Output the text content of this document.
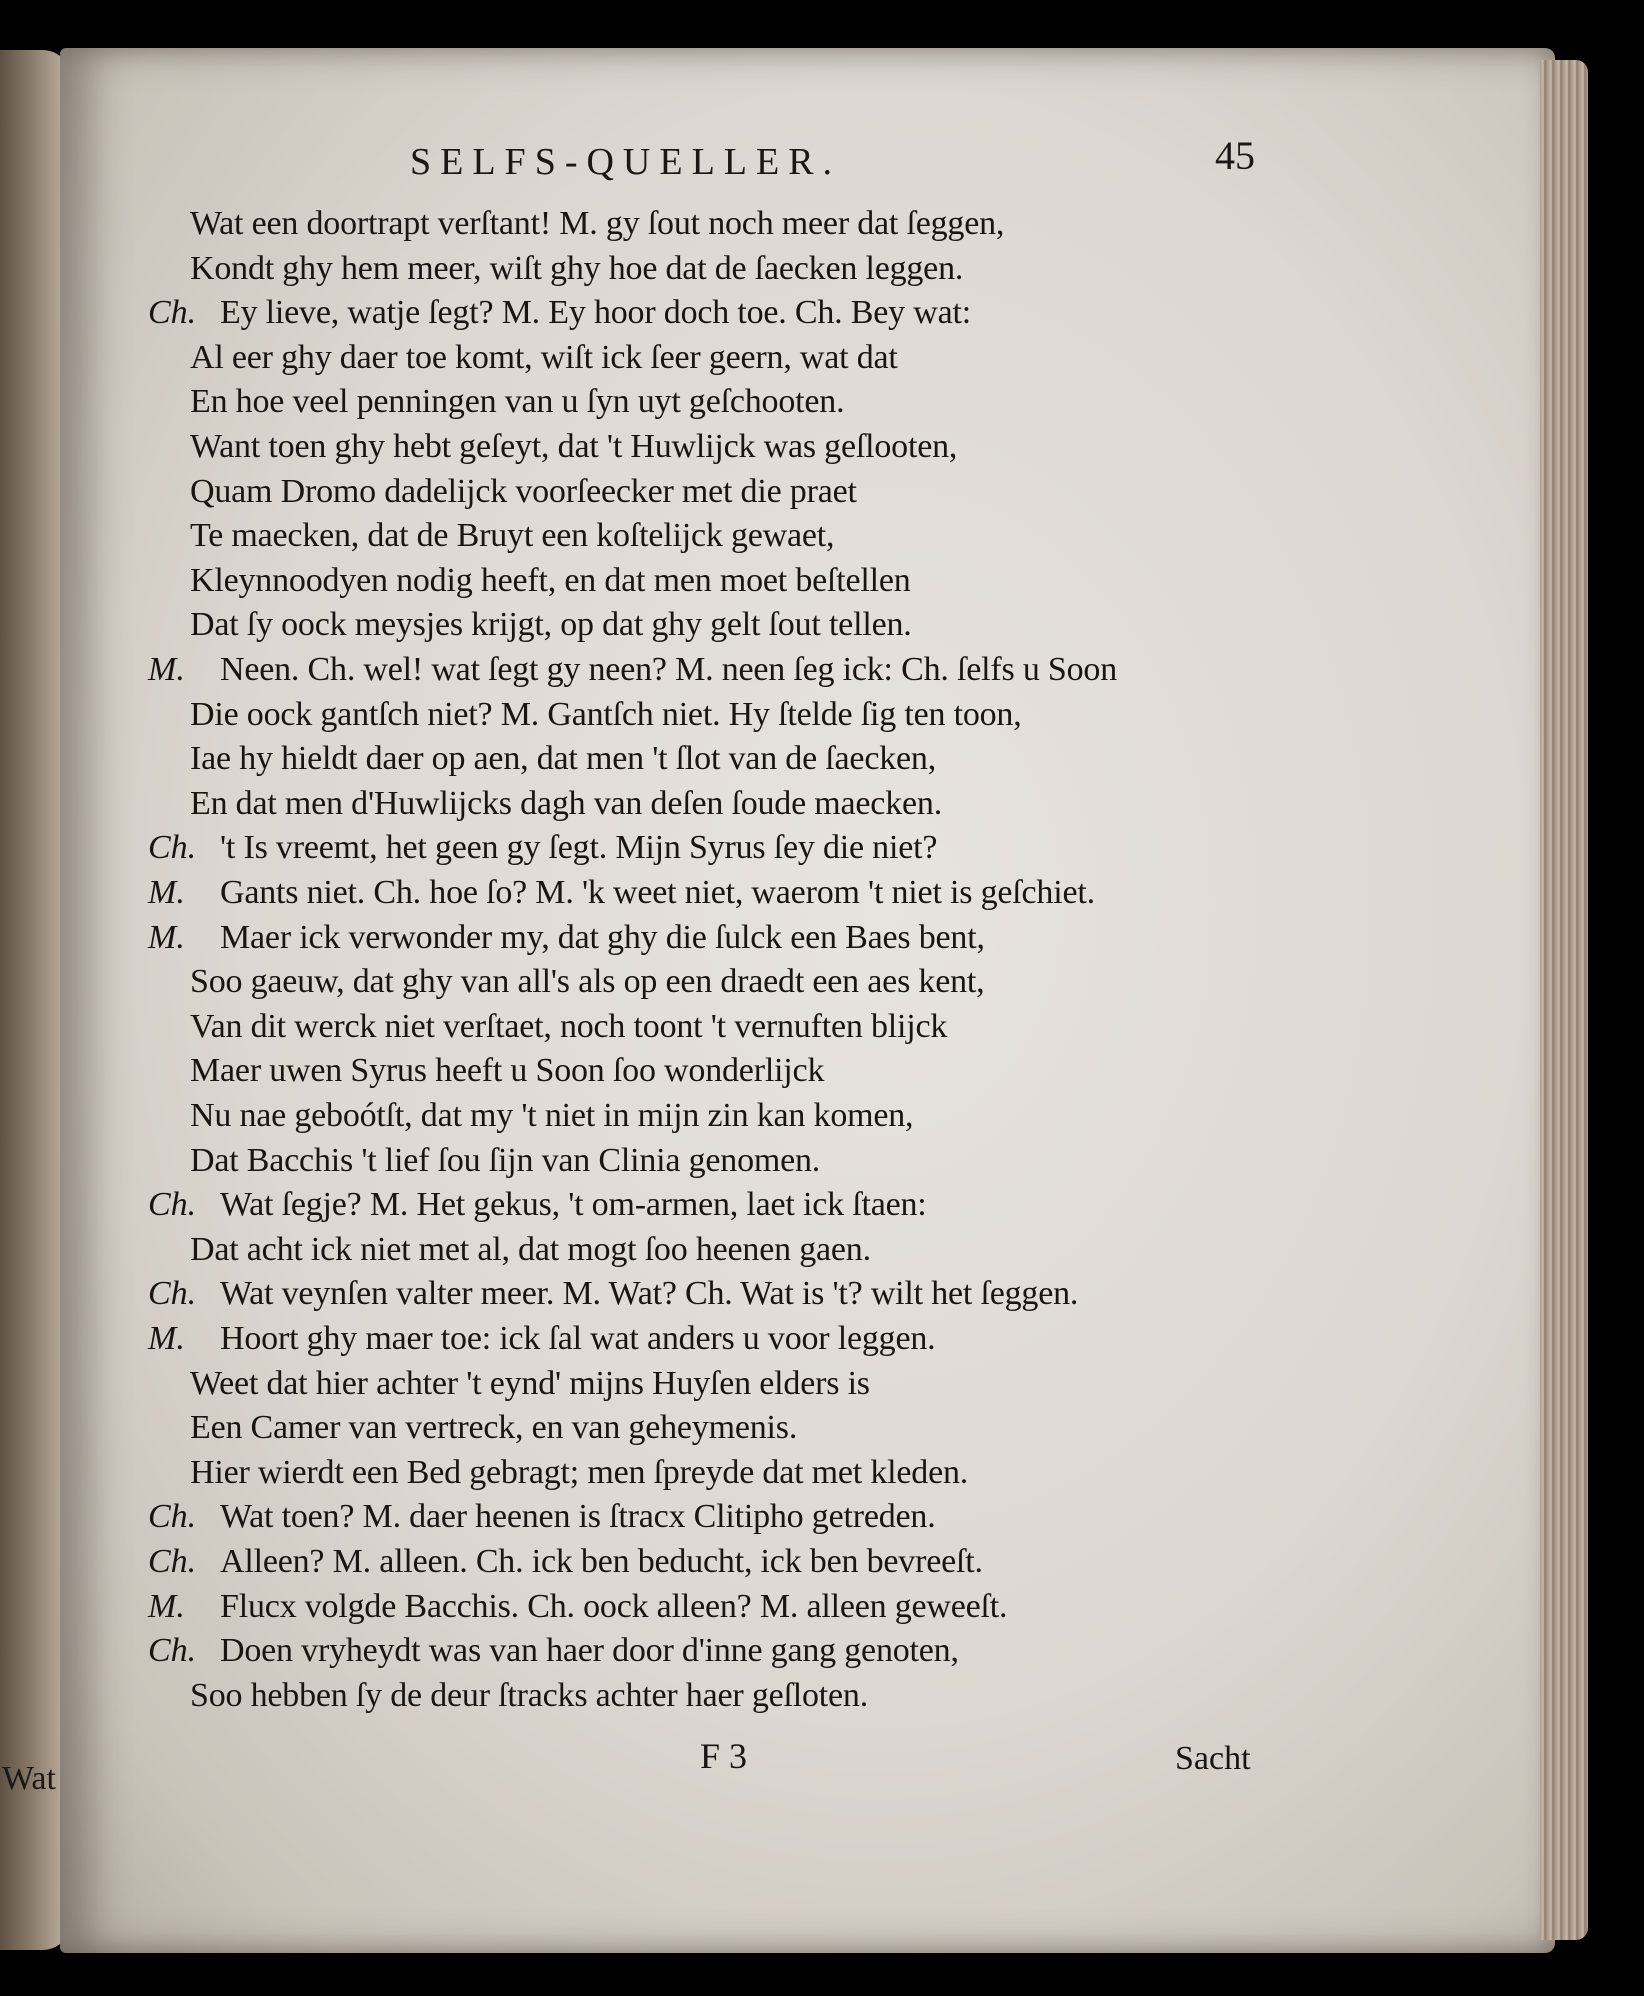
Wat
SELFS-QUELLER.	45
Wat een doortrapt verſtant! M. gy ſout noch meer dat ſeggen,
Kondt ghy hem meer, wiſt ghy hoe dat de ſaecken leggen.
Ch. Ey lieve, watje ſegt? M. Ey hoor doch toe. Ch. Bey wat:
Al eer ghy daer toe komt, wiſt ick ſeer geern, wat dat
En hoe veel penningen van u ſyn uyt geſchooten.
Want toen ghy hebt geſeyt, dat 't Huwlijck was geſlooten,
Quam Dromo dadelijck voorſeecker met die praet
Te maecken, dat de Bruyt een koſtelijck gewaet,
Kleynnoodyen nodig heeft, en dat men moet beſtellen
Dat ſy oock meysjes krijgt, op dat ghy gelt ſout tellen.
M. Neen. Ch. wel! wat ſegt gy neen? M. neen ſeg ick: Ch. ſelfs u Soon
Die oock gantſch niet? M. Gantſch niet. Hy ſtelde ſig ten toon,
Iae hy hieldt daer op aen, dat men 't ſlot van de ſaecken,
En dat men d'Huwlijcks dagh van deſen ſoude maecken.
Ch. 't Is vreemt, het geen gy ſegt. Mijn Syrus ſey die niet?
M. Gants niet. Ch. hoe ſo? M. 'k weet niet, waerom 't niet is geſchiet.
M. Maer ick verwonder my, dat ghy die ſulck een Baes bent,
Soo gaeuw, dat ghy van all's als op een draedt een aes kent,
Van dit werck niet verſtaet, noch toont 't vernuften blijck
Maer uwen Syrus heeft u Soon ſoo wonderlijck
Nu nae geboótſt, dat my 't niet in mijn zin kan komen,
Dat Bacchis 't lief ſou ſijn van Clinia genomen.
Ch. Wat ſegje? M. Het gekus, 't om-armen, laet ick ſtaen:
Dat acht ick niet met al, dat mogt ſoo heenen gaen.
Ch. Wat veynſen valter meer. M. Wat? Ch. Wat is 't? wilt het ſeggen.
M. Hoort ghy maer toe: ick ſal wat anders u voor leggen.
Weet dat hier achter 't eynd' mijns Huyſen elders is
Een Camer van vertreck, en van geheymenis.
Hier wierdt een Bed gebragt; men ſpreyde dat met kleden.
Ch. Wat toen? M. daer heenen is ſtracx Clitipho getreden.
Ch. Alleen? M. alleen. Ch. ick ben beducht, ick ben bevreeſt.
M. Flucx volgde Bacchis. Ch. oock alleen? M. alleen geweeſt.
Ch. Doen vryheydt was van haer door d'inne gang genoten,
Soo hebben ſy de deur ſtracks achter haer geſloten.
F 3	Sacht
